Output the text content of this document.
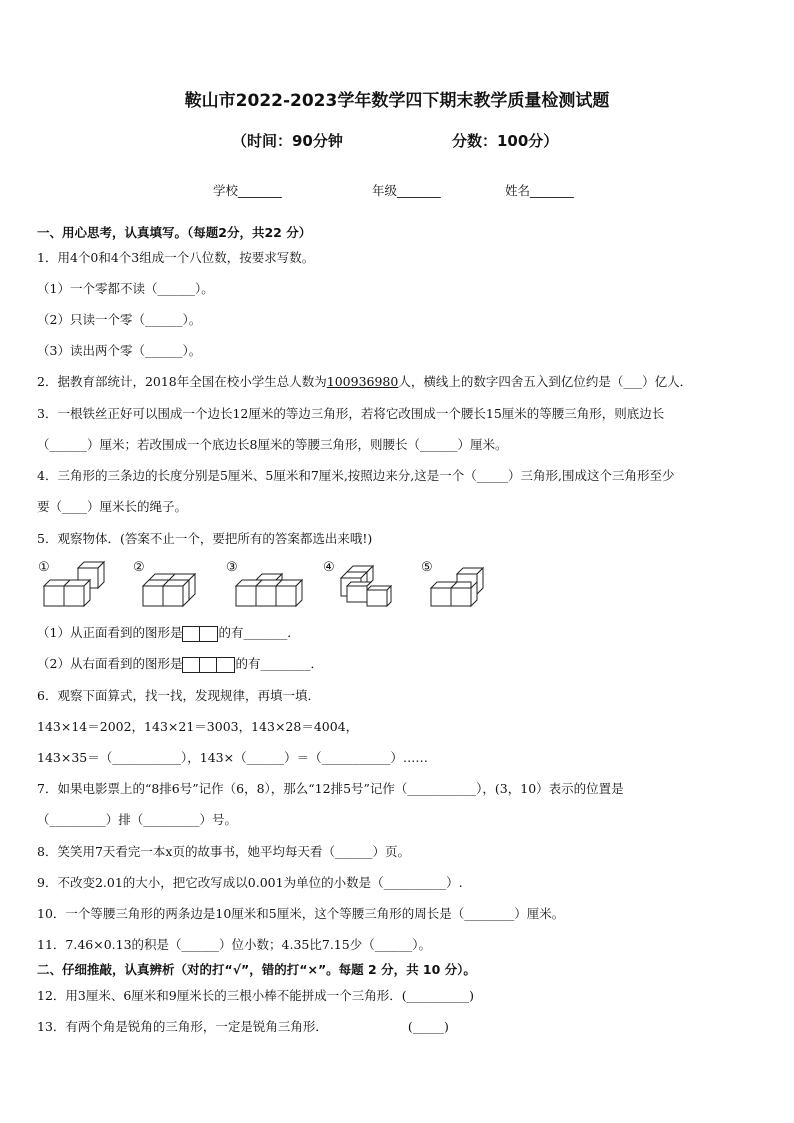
鞍山市2022-2023学年数学四下期末教学质量检测试题
（时间：90分钟	分数：100分）
学校_______	年级_______	姓名_______
一、用心思考，认真填写。（每题2分，共22 分）
1．用4个0和4个3组成一个八位数，按要求写数。
（1）一个零都不读（______）。
（2）只读一个零（______）。
（3）读出两个零（______）。
2．据教育部统计，2018年全国在校小学生总人数为100936980人，横线上的数字四舍五入到亿位约是（___）亿人．
3．一根铁丝正好可以围成一个边长12厘米的等边三角形，若将它改围成一个腰长15厘米的等腰三角形，则底边长
（______）厘米；若改围成一个底边长8厘米的等腰三角形，则腰长（______）厘米。
4．三角形的三条边的长度分别是5厘米、5厘米和7厘米,按照边来分,这是一个（_____）三角形,围成这个三角形至少
要（____）厘米长的绳子。
5．观察物体．(答案不止一个，要把所有的答案都选出来哦!)
①	②	③	④	⑤
（1）从正面看到的图形是	的有_______．
（2）从右面看到的图形是	的有________．
6．观察下面算式，找一找，发现规律，再填一填．
143×14＝2002，143×21＝3003，143×28＝4004，
143×35＝（___________），143×（______）＝（___________）……
7．如果电影票上的“8排6号”记作（6，8），那么“12排5号”记作（___________），(3，10）表示的位置是
（_________）排（_________）号。
8．笑笑用7天看完一本x页的故事书，她平均每天看（______）页。
9．不改变2.01的大小，把它改写成以0.001为单位的小数是（__________）.
10．一个等腰三角形的两条边是10厘米和5厘米，这个等腰三角形的周长是（________）厘米。
11．7.46×0.13的积是（______）位小数；4.35比7.15少（______）。
二、仔细推敲，认真辨析（对的打“√”，错的打“×”。每题 2 分，共 10 分）。
12．用3厘米、6厘米和9厘米长的三根小棒不能拼成一个三角形．(__________)
13．有两个角是锐角的三角形，一定是锐角三角形．	(_____)
